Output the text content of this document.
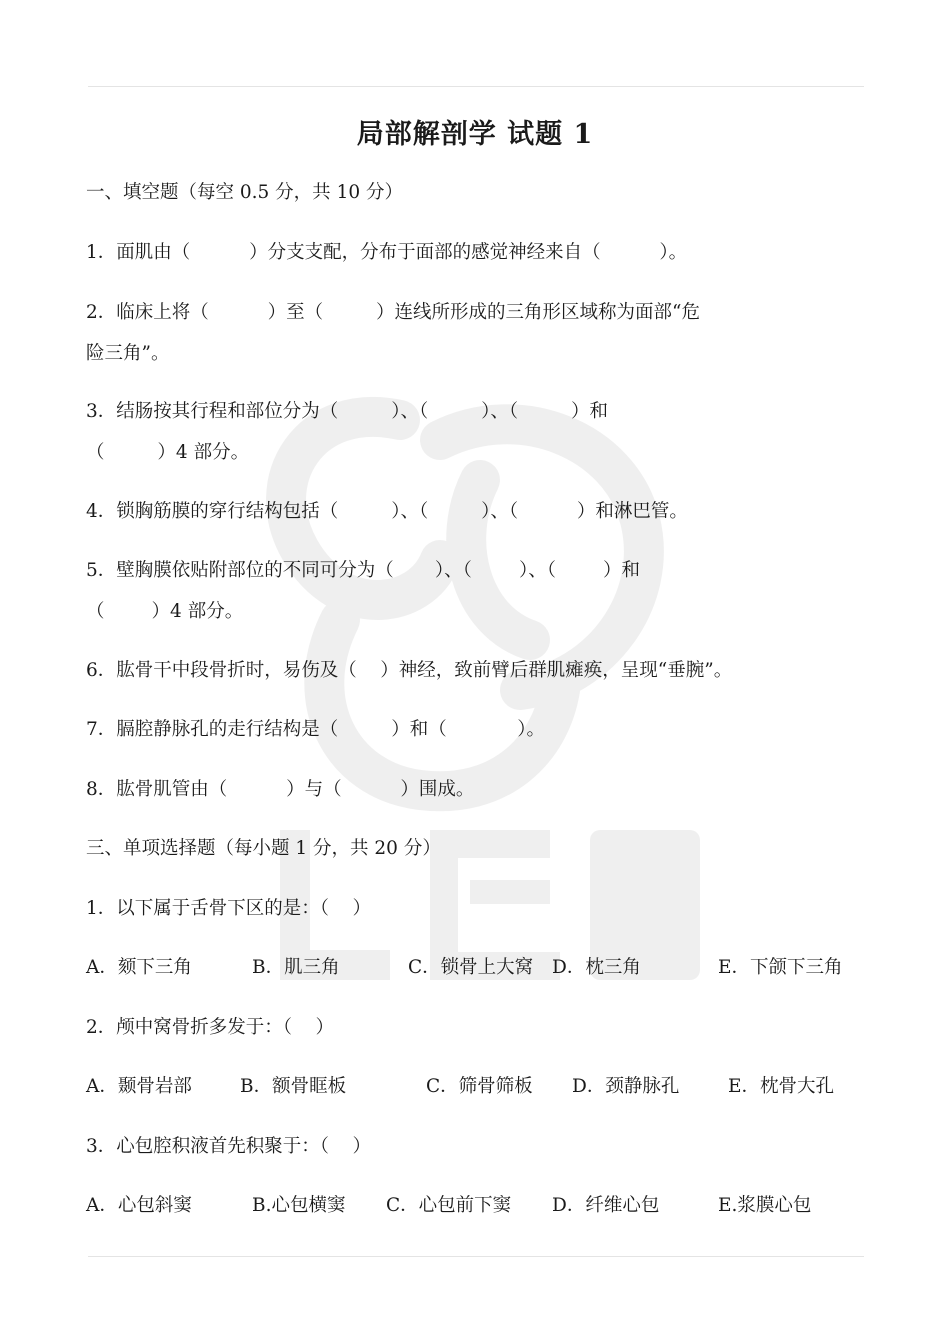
局部解剖学 试题 1
一、填空题（每空 0.5 分，共 10 分）
1．面肌由（          ）分支支配，分布于面部的感觉神经来自（          ）。
2．临床上将（          ）至（         ）连线所形成的三角形区域称为面部“危
险三角”。
3．结肠按其行程和部位分为（         ）、（         ）、（         ）和
（         ）4 部分。
4．锁胸筋膜的穿行结构包括（         ）、（         ）、（          ）和淋巴管。
5．壁胸膜依贴附部位的不同可分为（       ）、（        ）、（        ）和
（        ）4 部分。
6．肱骨干中段骨折时，易伤及（    ）神经，致前臂后群肌瘫痪，呈现“垂腕”。
7．膈腔静脉孔的走行结构是（         ）和（            ）。
8．肱骨肌管由（          ）与（          ）围成。
三、单项选择题（每小题 1 分，共 20 分）
1．以下属于舌骨下区的是：（    ）
A．颏下三角	B．肌三角	C．锁骨上大窝 D．枕三角	E．下颌下三角
2．颅中窝骨折多发于：（    ）
A．颞骨岩部	B．额骨眶板	C．筛骨筛板 D．颈静脉孔	E．枕骨大孔
3．心包腔积液首先积聚于：（    ）
A．心包斜窦	B.心包横窦 C．心包前下窦 D．纤维心包	E.浆膜心包
